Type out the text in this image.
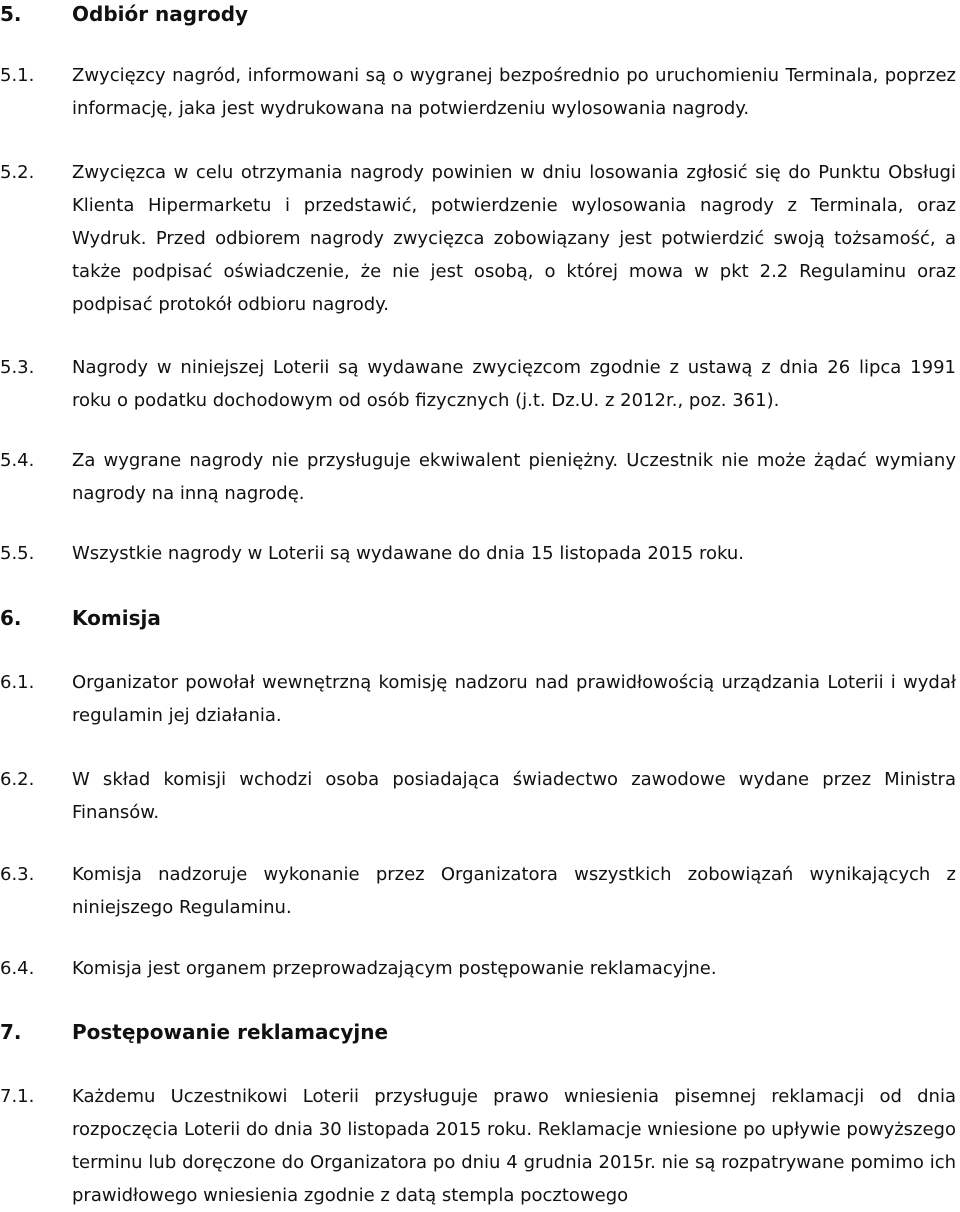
5.	Odbiór nagrody
5.1. Zwycięzcy nagród, informowani są o wygranej bezpośrednio po uruchomieniu Terminala, poprzez informację, jaka jest wydrukowana na potwierdzeniu wylosowania nagrody.
5.2. Zwycięzca w celu otrzymania nagrody powinien w dniu losowania zgłosić się do Punktu Obsługi Klienta Hipermarketu i przedstawić, potwierdzenie wylosowania nagrody z Terminala, oraz Wydruk. Przed odbiorem nagrody zwycięzca zobowiązany jest potwierdzić swoją tożsamość, a także podpisać oświadczenie, że nie jest osobą, o której mowa w pkt 2.2 Regulaminu oraz podpisać protokół odbioru nagrody.
5.3. Nagrody w niniejszej Loterii są wydawane zwycięzcom zgodnie z ustawą z dnia 26 lipca 1991 roku o podatku dochodowym od osób fizycznych (j.t. Dz.U. z 2012r., poz. 361).
5.4. Za wygrane nagrody nie przysługuje ekwiwalent pieniężny. Uczestnik nie może żądać wymiany nagrody na inną nagrodę.
5.5. Wszystkie nagrody w Loterii są wydawane do dnia 15 listopada 2015 roku.
6.	Komisja
6.1. Organizator powołał wewnętrzną komisję nadzoru nad prawidłowością urządzania Loterii i wydał regulamin jej działania.
6.2. W skład komisji wchodzi osoba posiadająca świadectwo zawodowe wydane przez Ministra Finansów.
6.3. Komisja nadzoruje wykonanie przez Organizatora wszystkich zobowiązań wynikających z niniejszego Regulaminu.
6.4. Komisja jest organem przeprowadzającym postępowanie reklamacyjne.
7.	Postępowanie reklamacyjne
7.1. Każdemu Uczestnikowi Loterii przysługuje prawo wniesienia pisemnej reklamacji od dnia rozpoczęcia Loterii do dnia 30 listopada 2015 roku. Reklamacje wniesione po upływie powyższego terminu lub doręczone do Organizatora po dniu 4 grudnia 2015r. nie są rozpatrywane pomimo ich prawidłowego wniesienia zgodnie z datą stempla pocztowego
